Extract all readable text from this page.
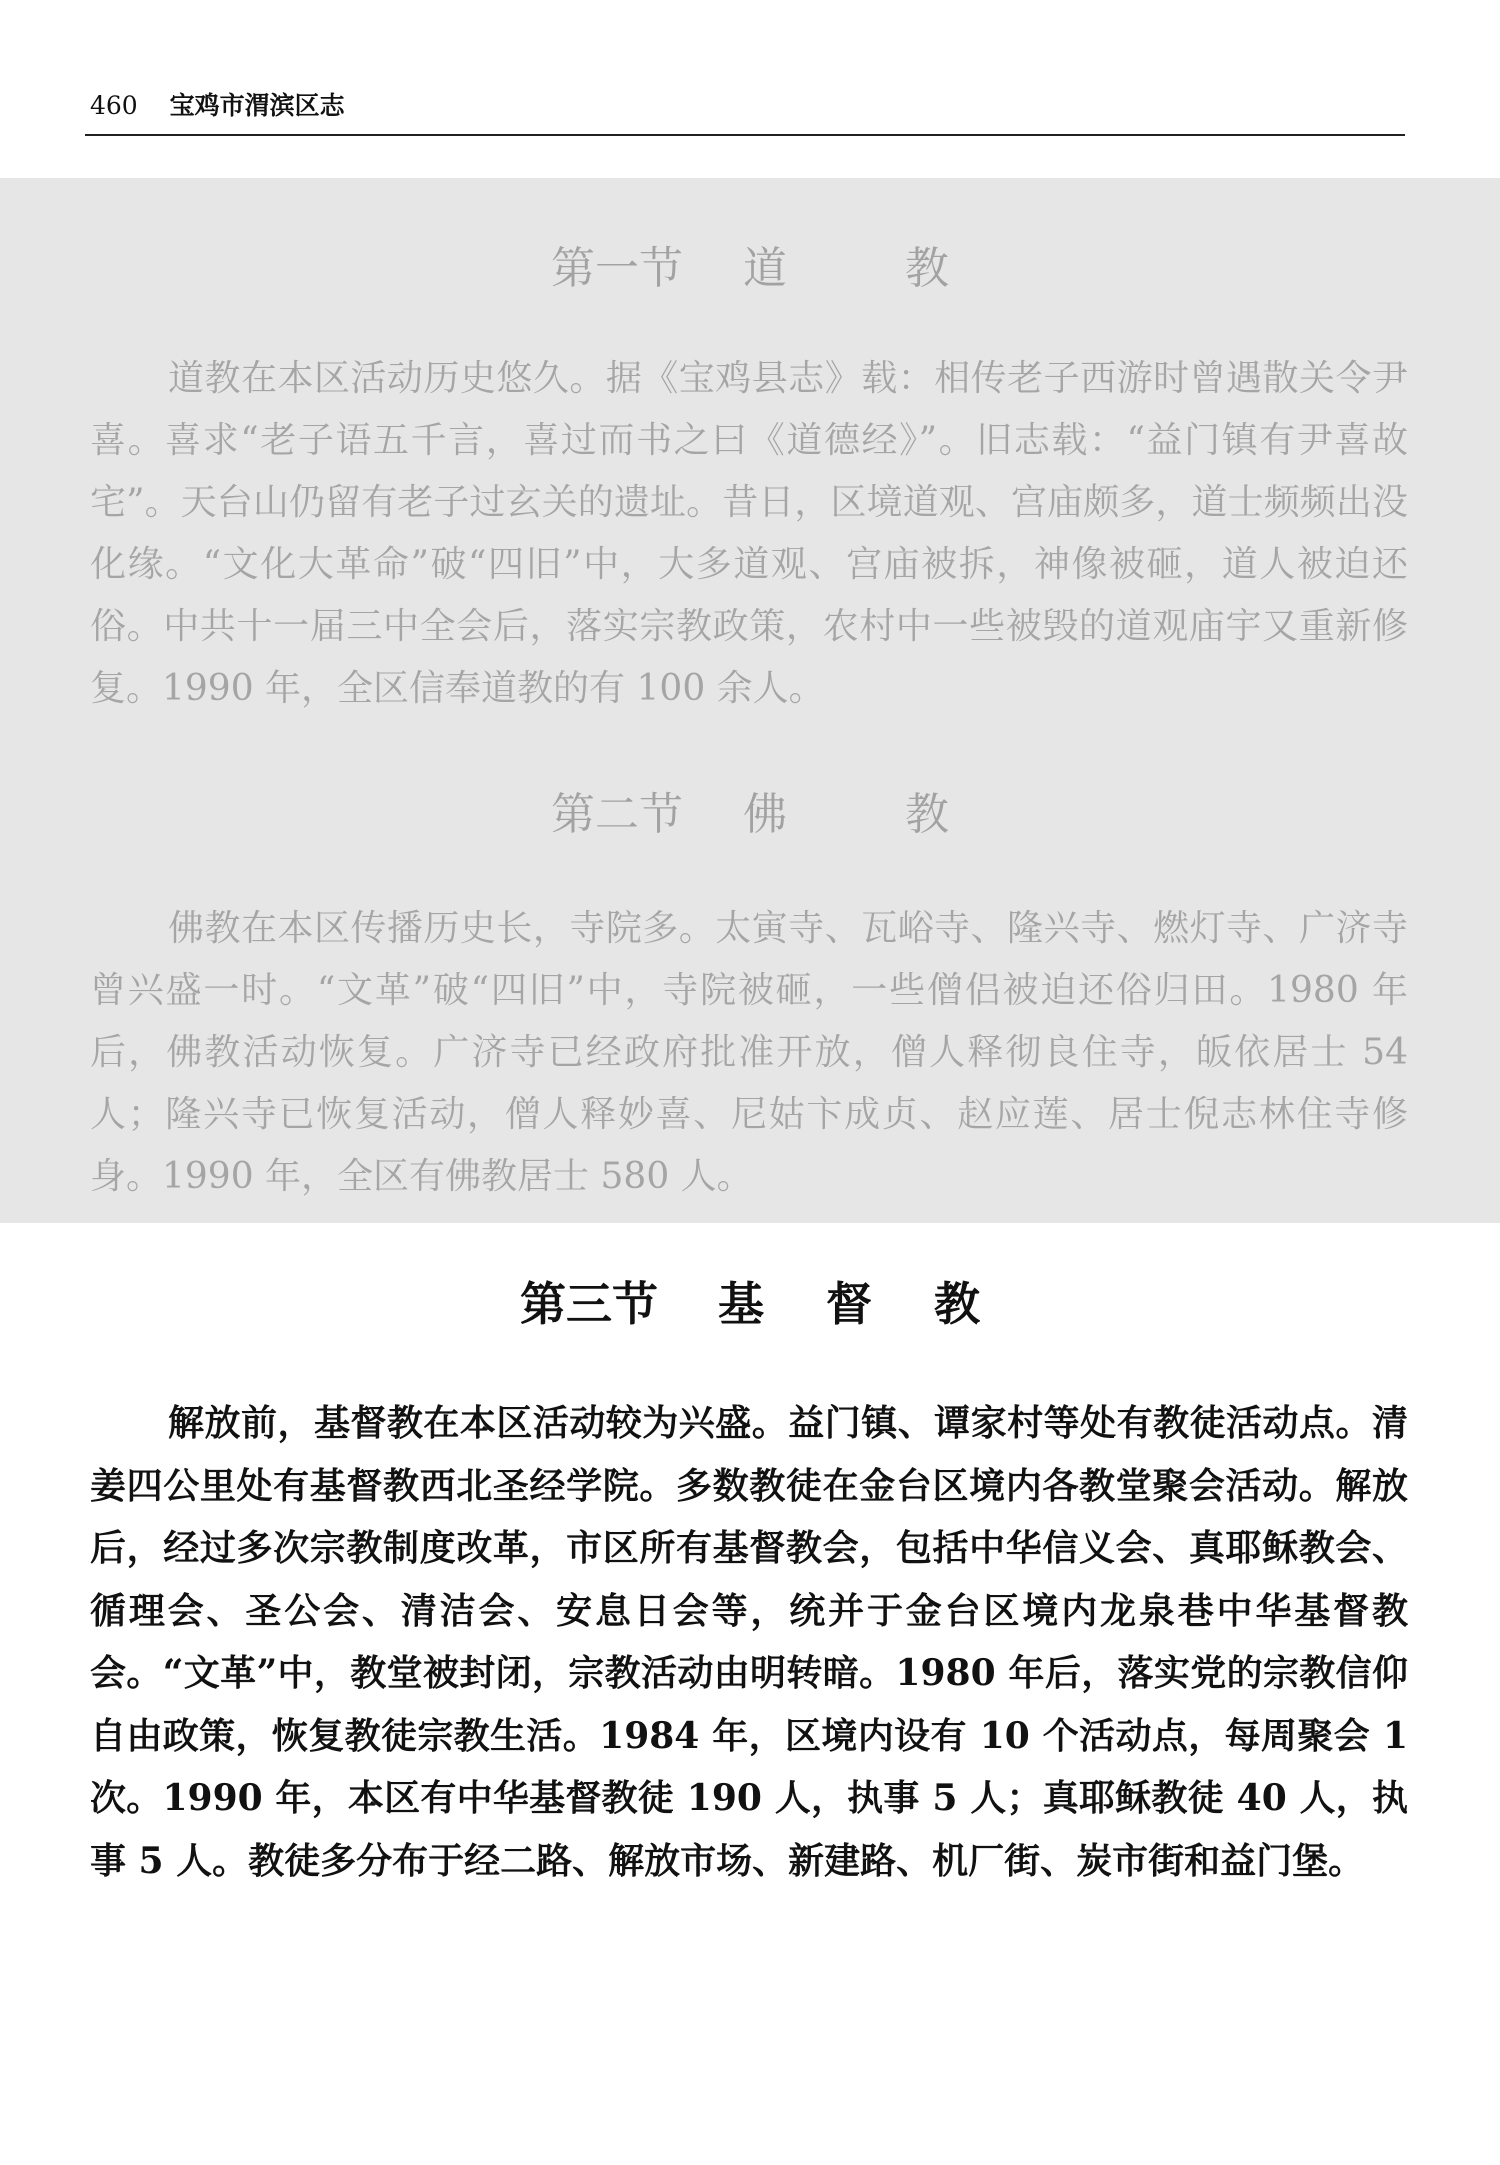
460 宝鸡市渭滨区志
第一节 道	教

道教在本区活动历史悠久。据《宝鸡县志》载：相传老子西游时曾遇散关令尹喜。喜求“老子语五千言，喜过而书之曰《道德经》”。旧志载：“益门镇有尹喜故宅”。天台山仍留有老子过玄关的遗址。昔日，区境道观、宫庙颇多，道士频频出没化缘。“文化大革命”破“四旧”中，大多道观、宫庙被拆，神像被砸，道人被迫还俗。中共十一届三中全会后，落实宗教政策，农村中一些被毁的道观庙宇又重新修复。1990 年，全区信奉道教的有 100 余人。

第二节 佛	教

佛教在本区传播历史长，寺院多。太寅寺、瓦峪寺、隆兴寺、燃灯寺、广济寺曾兴盛一时。“文革”破“四旧”中，寺院被砸，一些僧侣被迫还俗归田。1980 年后，佛教活动恢复。广济寺已经政府批准开放，僧人释彻良住寺，皈依居士 54 人；隆兴寺已恢复活动，僧人释妙喜、尼姑卞成贞、赵应莲、居士倪志林住寺修身。1990 年，全区有佛教居士 580 人。

第三节 基 督 教

解放前，基督教在本区活动较为兴盛。益门镇、谭家村等处有教徒活动点。清姜四公里处有基督教西北圣经学院。多数教徒在金台区境内各教堂聚会活动。解放后，经过多次宗教制度改革，市区所有基督教会，包括中华信义会、真耶稣教会、循理会、圣公会、清洁会、安息日会等，统并于金台区境内龙泉巷中华基督教会。“文革”中，教堂被封闭，宗教活动由明转暗。1980 年后，落实党的宗教信仰自由政策，恢复教徒宗教生活。1984 年，区境内设有 10 个活动点，每周聚会 1 次。1990 年，本区有中华基督教徒 190 人，执事 5 人；真耶稣教徒 40 人，执事 5 人。教徒多分布于经二路、解放市场、新建路、机厂街、炭市街和益门堡。
